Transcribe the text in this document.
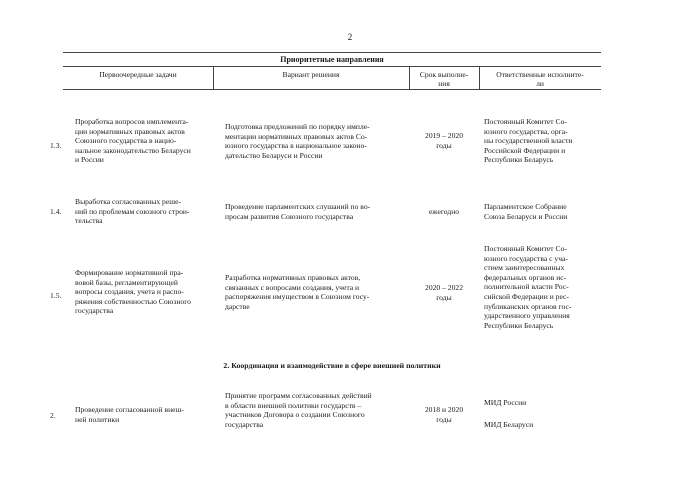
2
Приоритетные направления
Первоочередные задачи	Вариант решения	Срок выполне-
ния
Ответственные исполните-
ли
1.3.
Проработка вопросов имплемента-
ции нормативных правовых актов
Союзного государства в нацио-
нальное законодательство Беларуси
и России
Подготовка предложений по порядку импле-
ментации нормативных правовых актов Со-
юзного государства в национальное законо-
дательство Беларуси и России
2019 – 2020
годы
Постоянный Комитет Со-
юзного государства, орга-
ны государственной власти
Российской Федерации и
Республики Беларусь
1.4.
Выработка согласованных реше-
ний по проблемам союзного строи-
тельства
Проведение парламентских слушаний по во-
просам развития Союзного государства
ежегодно
Парламентское Собрание
Союза Беларуси и России
1.5.
Формирование нормативной пра-
вовой базы, регламентирующей
вопросы создания, учета и распо-
ряжения собственностью Союзного
государства
Разработка нормативных правовых актов,
связанных с вопросами создания, учета и
распоряжения имуществом в Союзном госу-
дарстве
2020 – 2022
годы
Постоянный Комитет Со-
юзного государства с уча-
стием заинтересованных
федеральных органов ис-
полнительной власти Рос-
сийской Федерации и рес-
публиканских органов гос-
ударственного управления
Республики Беларусь
2. Координация и взаимодействие в сфере внешней политики
2.
Проведение согласованной внеш-
ней политики
Принятие программ согласованных действий
в области внешней политики государств –
участников Договора о создании Союзного
государства
2018 и 2020
годы
МИД России
МИД Беларуси
